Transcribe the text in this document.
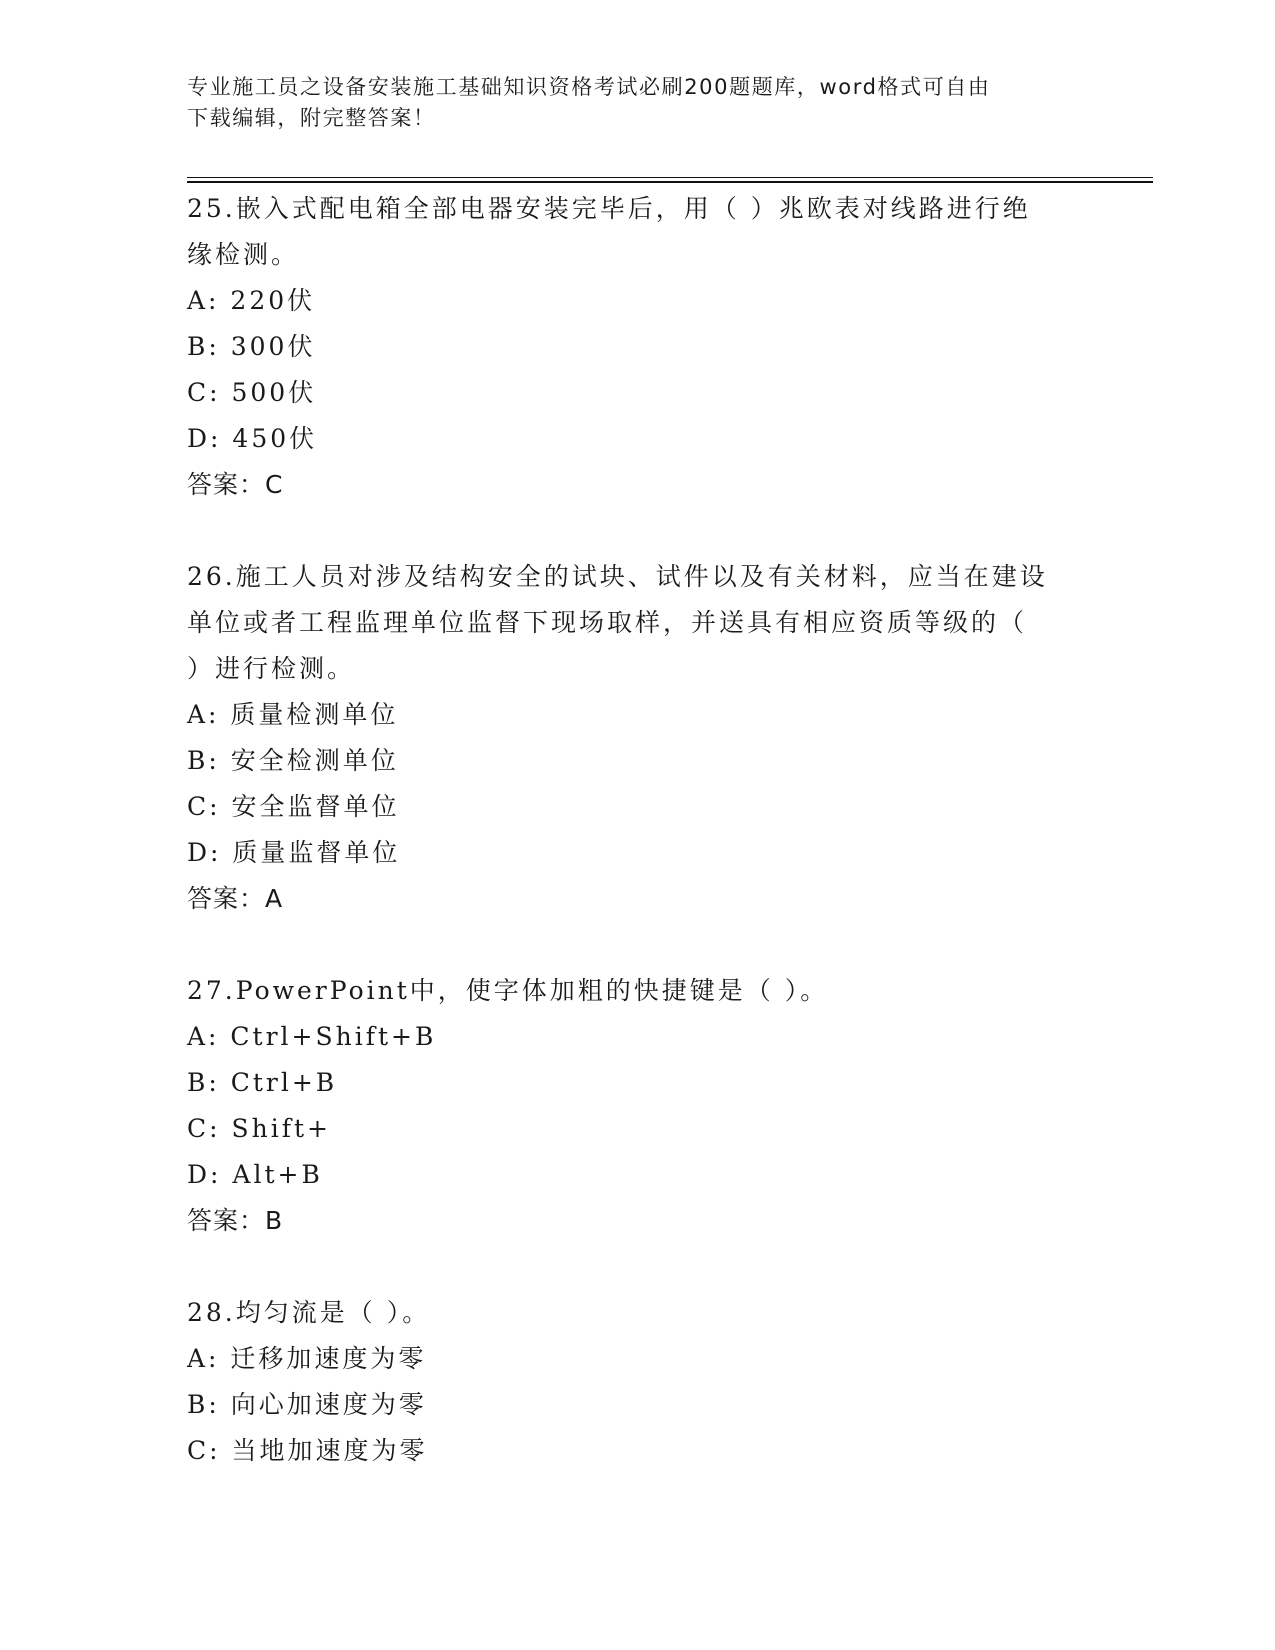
专业施工员之设备安装施工基础知识资格考试必刷200题题库，word格式可自由
下载编辑，附完整答案！
25.嵌入式配电箱全部电器安装完毕后，用（ ）兆欧表对线路进行绝
缘检测。
A: 220伏
B: 300伏
C: 500伏
D: 450伏
答案：C
26.施工人员对涉及结构安全的试块、试件以及有关材料，应当在建设
单位或者工程监理单位监督下现场取样，并送具有相应资质等级的（
）进行检测。
A: 质量检测单位
B: 安全检测单位
C: 安全监督单位
D: 质量监督单位
答案：A
27.PowerPoint中，使字体加粗的快捷键是（ ）。
A: Ctrl+Shift+B
B: Ctrl+B
C: Shift+
D: Alt+B
答案：B
28.均匀流是（ ）。
A: 迁移加速度为零
B: 向心加速度为零
C: 当地加速度为零
